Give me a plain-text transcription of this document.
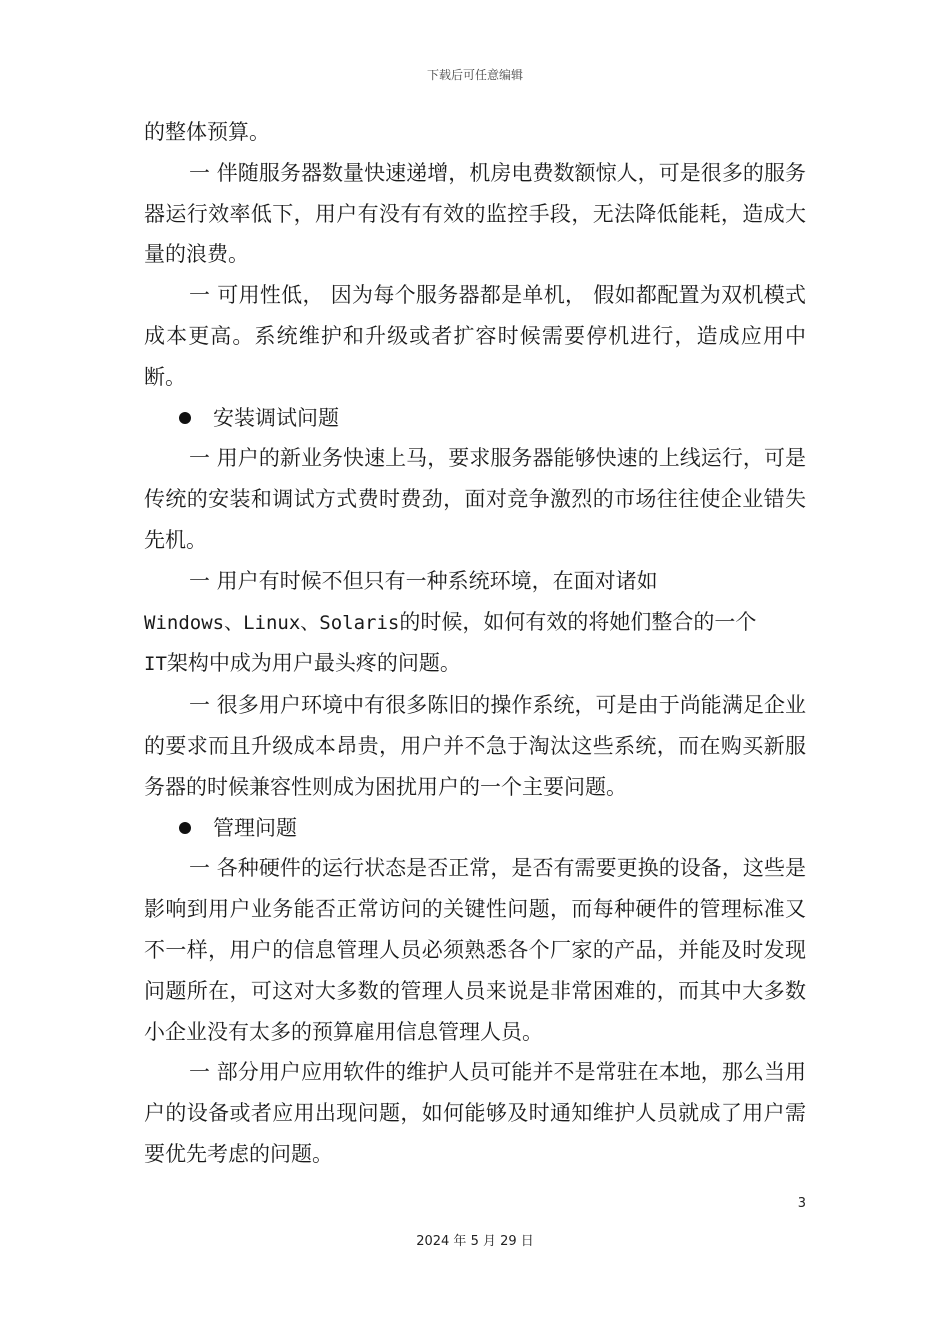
下载后可任意编辑

的整体预算。

一 伴随服务器数量快速递增，机房电费数额惊人，可是很多的服务器运行效率低下，用户有没有有效的监控手段，无法降低能耗，造成大量的浪费。

一 可用性低， 因为每个服务器都是单机， 假如都配置为双机模式成本更高。系统维护和升级或者扩容时候需要停机进行，造成应用中断。

安装调试问题

一 用户的新业务快速上马，要求服务器能够快速的上线运行，可是传统的安装和调试方式费时费劲，面对竞争激烈的市场往往使企业错失先机。

一 用户有时候不但只有一种系统环境，在面对诸如
Windows、Linux、Solaris的时候，如何有效的将她们整合的一个
IT架构中成为用户最头疼的问题。

一 很多用户环境中有很多陈旧的操作系统，可是由于尚能满足企业的要求而且升级成本昂贵，用户并不急于淘汰这些系统，而在购买新服务器的时候兼容性则成为困扰用户的一个主要问题。

管理问题

一 各种硬件的运行状态是否正常，是否有需要更换的设备，这些是影响到用户业务能否正常访问的关键性问题，而每种硬件的管理标准又不一样，用户的信息管理人员必须熟悉各个厂家的产品，并能及时发现问题所在，可这对大多数的管理人员来说是非常困难的，而其中大多数小企业没有太多的预算雇用信息管理人员。

一 部分用户应用软件的维护人员可能并不是常驻在本地，那么当用户的设备或者应用出现问题，如何能够及时通知维护人员就成了用户需要优先考虑的问题。

3
2024 年 5 月 29 日
